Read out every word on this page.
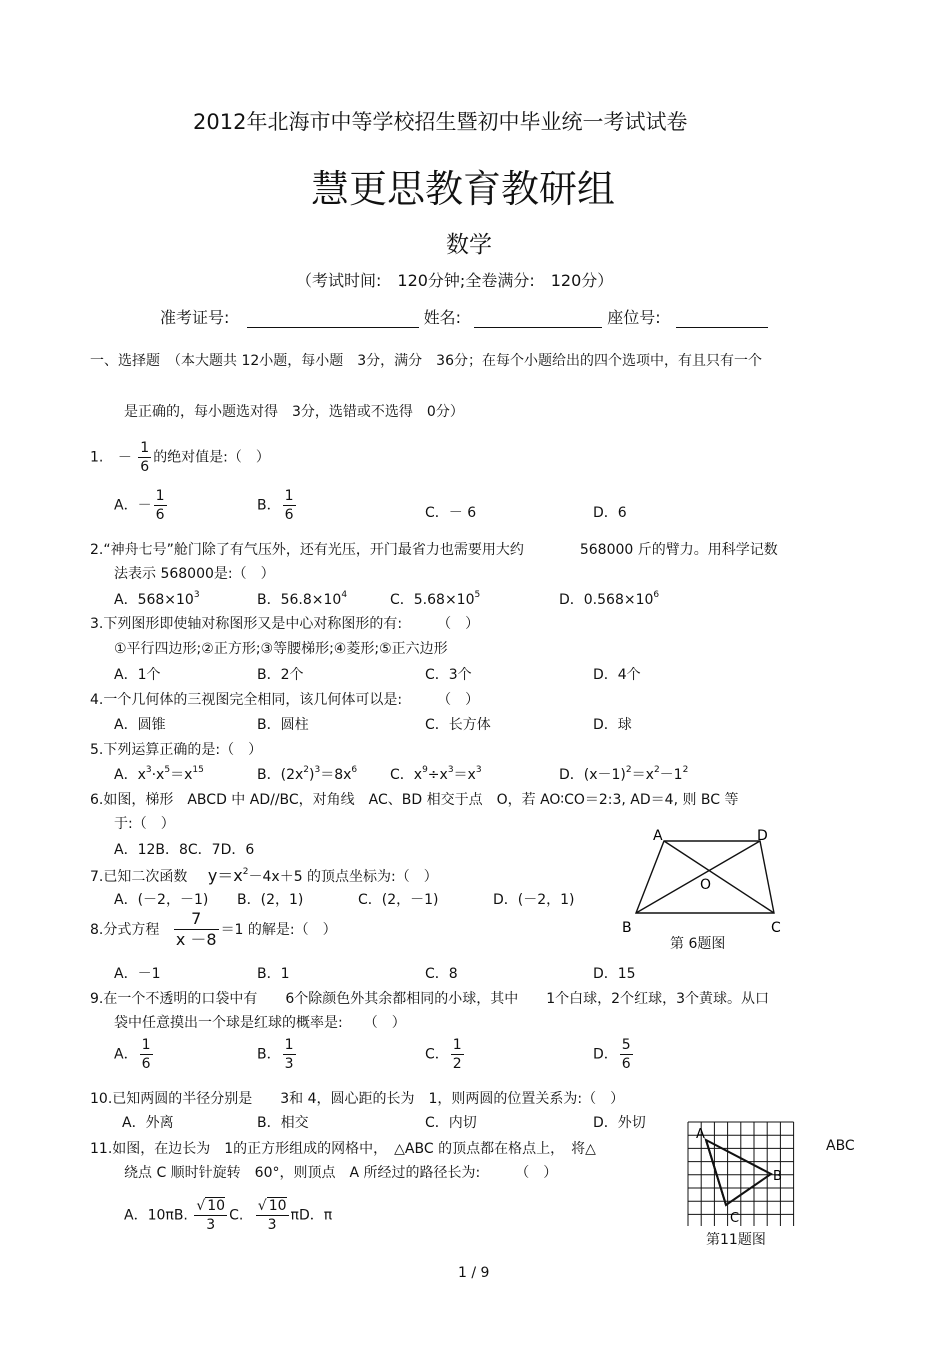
2012年北海市中等学校招生暨初中毕业统一考试试卷
慧更思教育教研组
数学
（考试时间:　120分钟;全卷满分:　120分）
准考证号:	姓名:	座位号:
一、选择题　（本大题共 12小题，每小题　3分，满分　36分；在每个小题给出的四个选项中，有且只有一个
是正确的，每小题选对得　3分，选错或不选得　0分）
1. － $\frac{1}{6}$ 的绝对值是:（　）
A．－ $\frac{1}{6}$	B． $\frac{1}{6}$	C．－ 6	D．6
2.“神舟七号”舱门除了有气压外，还有光压，开门最省力也需要用大约　　　　568000 斤的臂力。用科学记数
法表示 568000是:（　）
A．$568\times 10^3$	B．$56.8\times 10^4$	C．$5.68\times 10^5$	D．$0.568\times 10^6$
3.下列图形即使轴对称图形又是中心对称图形的有:　　　（　）
①平行四边形;②正方形;③等腰梯形;④菱形;⑤正六边形
A．1个	B．2个	C．3个	D．4个
4.一个几何体的三视图完全相同，该几何体可以是:　　　（　）
A．圆锥	B．圆柱	C．长方体	D．球
5.下列运算正确的是:（　）
A．$x^3\cdot x^5=x^{15}$	B．$(2x^2)^3=8x^6$ C．$x^9\div x^3=x^3$	D．$(x-1)^2=x^2-1^2$
6.如图，梯形　ABCD 中 AD//BC，对角线　AC、BD 相交于点　O，若 AO∶CO＝2:3, AD＝4, 则 BC 等
于:（　）
A．12B．8C．7D．6
A	D
O
B	C
第 6题图
7.已知二次函数 $y=x^2-4x+5$ 的顶点坐标为:（　）
A．(－2，－1) B．(2，1)	C．(2，－1)	D．(－2，1)
8.分式方程 $\frac{7}{x -8} =1$ 的解是:（　）
A．－1	B．1	C．8	D．15
9.在一个不透明的口袋中有　　6个除颜色外其余都相同的小球，其中　　1个白球，2个红球，3个黄球。从口
袋中任意摸出一个球是红球的概率是:　　（　）
A． $\frac{1}{6}$	B． $\frac{1}{3}$	C． $\frac{1}{2}$	D． $\frac{5}{6}$
10.已知两圆的半径分别是　　3和 4，圆心距的长为　1，则两圆的位置关系为:（　）
A．外离	B．相交	C．内切	D．外切
11.如图，在边长为　1的正方形组成的网格中，　△ABC 的顶点都在格点上，　将△	ABC
绕点 C 顺时针旋转　60°，则顶点　A 所经过的路径长为:　　　（　）
A．10πB. $\frac{√ 10}{3} C$. $\frac{√ 10}{3}$ πD．π
A
B
C
第11题图
1 / 9
